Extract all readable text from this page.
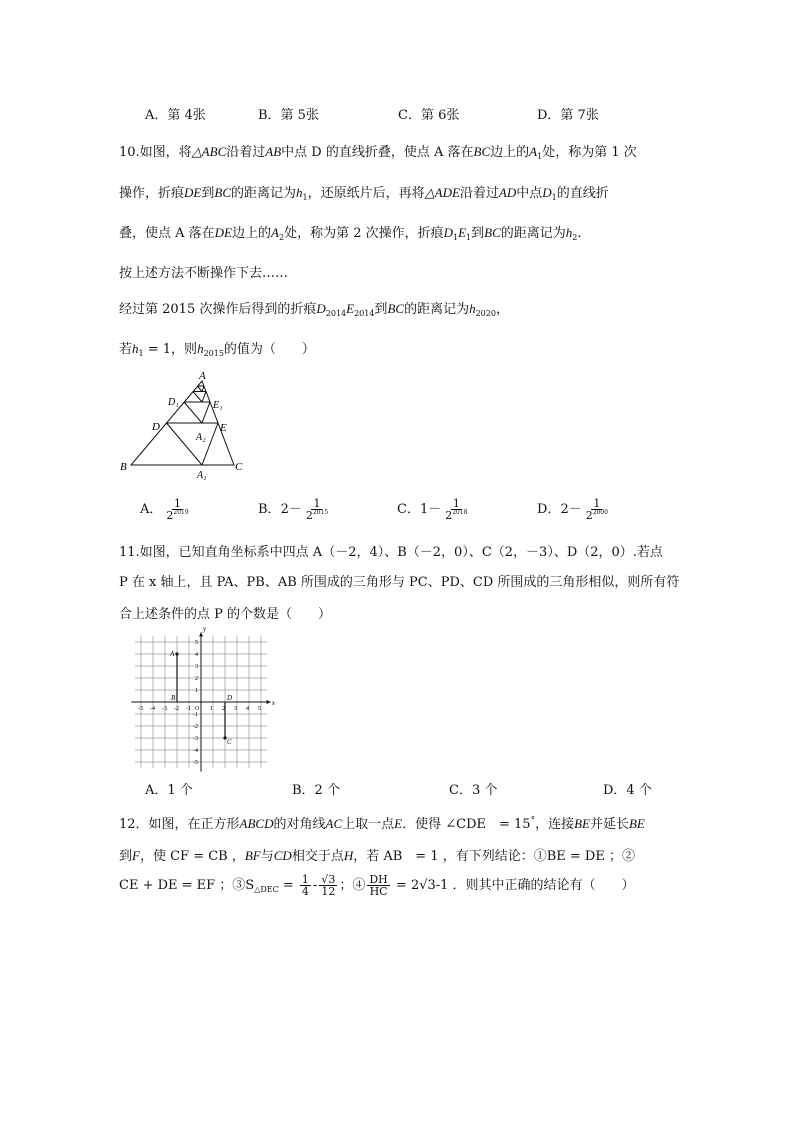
A．第 4张	B．第 5张	C．第 6张	D．第 7张
10.如图，将△ABC沿着过AB中点 D 的直线折叠，使点 A 落在BC边上的$A_1$处，称为第 1 次
操作，折痕DE到BC的距离记为$h_1$，还原纸片后，再将△ADE沿着过AD中点$D_1$的直线折
叠，使点 A 落在DE边上的$A_2$处，称为第 2 次操作，折痕$D_1E_1$到BC的距离记为$h_2$．
按上述方法不断操作下去……
经过第 2015 次操作后得到的折痕$D_{2014}E_{2014}$到BC的距离记为$h_{2020}$，
若$h_1 = 1$，则$h_{2015}$的值为（　　）
A
D₁	E₁
D	E
A₂
B
A₁
C
A． $\frac{1}{2^{2019}}$	B．$2- \frac{1}{2^{2015}}$	C．$1- \frac{1}{2^{2018}}$	D．$2- \frac{1}{2^{2000}}$
11.如图，已知直角坐标系中四点 A（－2，4）、B（－2，0）、C（2，－3）、D（2，0）.若点
P 在 x 轴上，且 PA、PB、AB 所围成的三角形与 PC、PD、CD 所围成的三角形相似，则所有符
合上述条件的点 P 的个数是（　　）
-5 -4 -3 -2 -1 O 1 2 3 4 5
5
4
3
2
1
-1
-2
-3
-4
-5
x
y
A
B
C
D
A．1 个	B．2 个	C．3 个	D．4 个
12．如图，在正方形ABCD的对角线AC上取一点E．使得 ∠CDE　= 15°，连接BE并延长BE
到F，使 CF = CB ，BF与CD相交于点H，若 AB　= 1 ，有下列结论：①BE = DE ；②
CE + DE = EF ；$③S_{\triangle DEC} = \frac{1}{4} - \frac{√3}{12}$ ；④ $\frac{DH}{HC} = 2√3-1$ ．则其中正确的结论有（　　）
